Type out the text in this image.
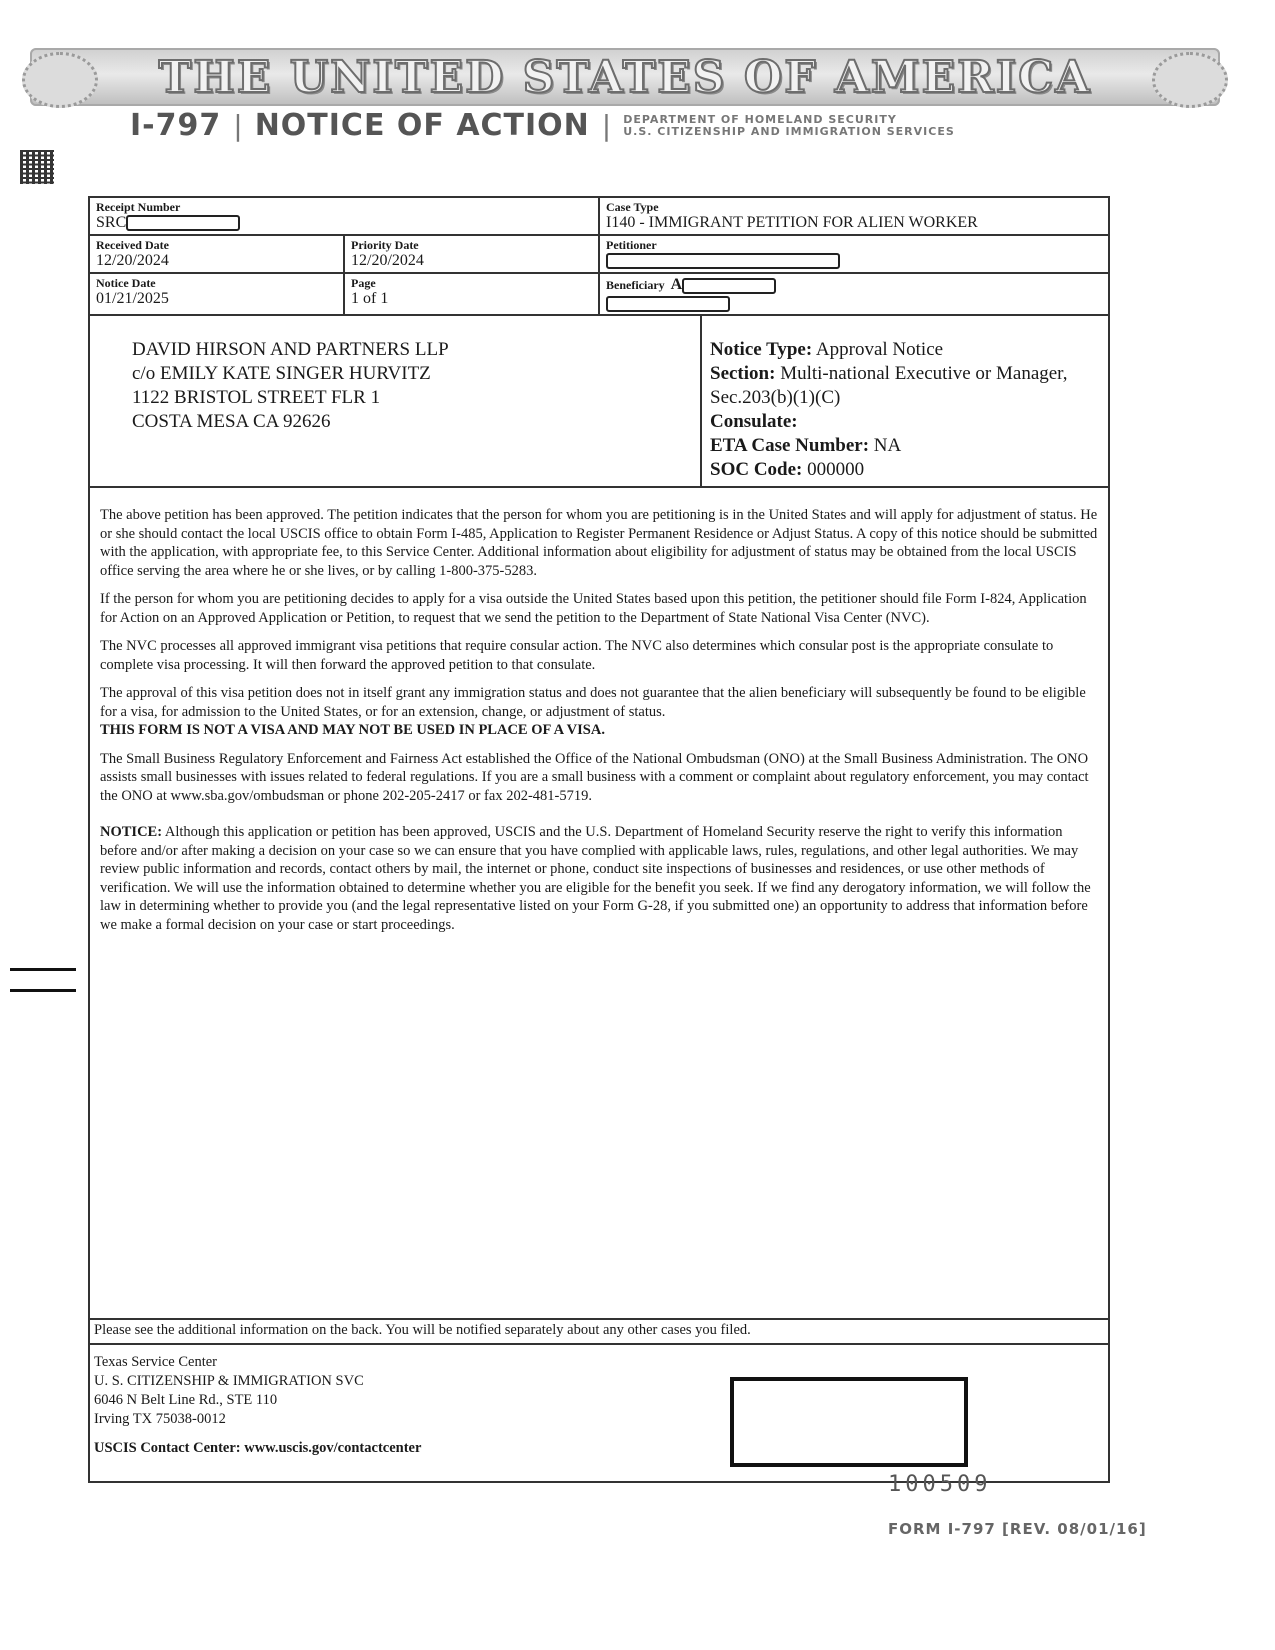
THE UNITED STATES OF AMERICA
I-797 | NOTICE OF ACTION | DEPARTMENT OF HOMELAND SECURITY
U.S. CITIZENSHIP AND IMMIGRATION SERVICES
Receipt Number
SRC
Case Type
I140 - IMMIGRANT PETITION FOR ALIEN WORKER
Received Date
12/20/2024
Priority Date
12/20/2024
Petitioner
Notice Date
01/21/2025
Page
1 of 1
Beneficiary A
DAVID HIRSON AND PARTNERS LLP
c/o EMILY KATE SINGER HURVITZ
1122 BRISTOL STREET FLR 1
COSTA MESA CA 92626
Notice Type: Approval Notice
Section: Multi-national Executive or Manager,
Sec.203(b)(1)(C)
Consulate:
ETA Case Number: NA
SOC Code: 000000

The above petition has been approved. The petition indicates that the person for whom you are petitioning is in the United States and will apply for adjustment of status. He or she should contact the local USCIS office to obtain Form I-485, Application to Register Permanent Residence or Adjust Status. A copy of this notice should be submitted with the application, with appropriate fee, to this Service Center. Additional information about eligibility for adjustment of status may be obtained from the local USCIS office serving the area where he or she lives, or by calling 1-800-375-5283.

If the person for whom you are petitioning decides to apply for a visa outside the United States based upon this petition, the petitioner should file Form I-824, Application for Action on an Approved Application or Petition, to request that we send the petition to the Department of State National Visa Center (NVC).

The NVC processes all approved immigrant visa petitions that require consular action. The NVC also determines which consular post is the appropriate consulate to complete visa processing. It will then forward the approved petition to that consulate.

The approval of this visa petition does not in itself grant any immigration status and does not guarantee that the alien beneficiary will subsequently be found to be eligible for a visa, for admission to the United States, or for an extension, change, or adjustment of status.

THIS FORM IS NOT A VISA AND MAY NOT BE USED IN PLACE OF A VISA.

The Small Business Regulatory Enforcement and Fairness Act established the Office of the National Ombudsman (ONO) at the Small Business Administration. The ONO assists small businesses with issues related to federal regulations. If you are a small business with a comment or complaint about regulatory enforcement, you may contact the ONO at www.sba.gov/ombudsman or phone 202-205-2417 or fax 202-481-5719.

NOTICE: Although this application or petition has been approved, USCIS and the U.S. Department of Homeland Security reserve the right to verify this information before and/or after making a decision on your case so we can ensure that you have complied with applicable laws, rules, regulations, and other legal authorities. We may review public information and records, contact others by mail, the internet or phone, conduct site inspections of businesses and residences, or use other methods of verification. We will use the information obtained to determine whether you are eligible for the benefit you seek. If we find any derogatory information, we will follow the law in determining whether to provide you (and the legal representative listed on your Form G-28, if you submitted one) an opportunity to address that information before we make a formal decision on your case or start proceedings.

Please see the additional information on the back. You will be notified separately about any other cases you filed.
Texas Service Center
U. S. CITIZENSHIP & IMMIGRATION SVC
6046 N Belt Line Rd., STE 110
Irving TX 75038-0012
USCIS Contact Center: www.uscis.gov/contactcenter
100509
FORM I-797 [REV. 08/01/16]
